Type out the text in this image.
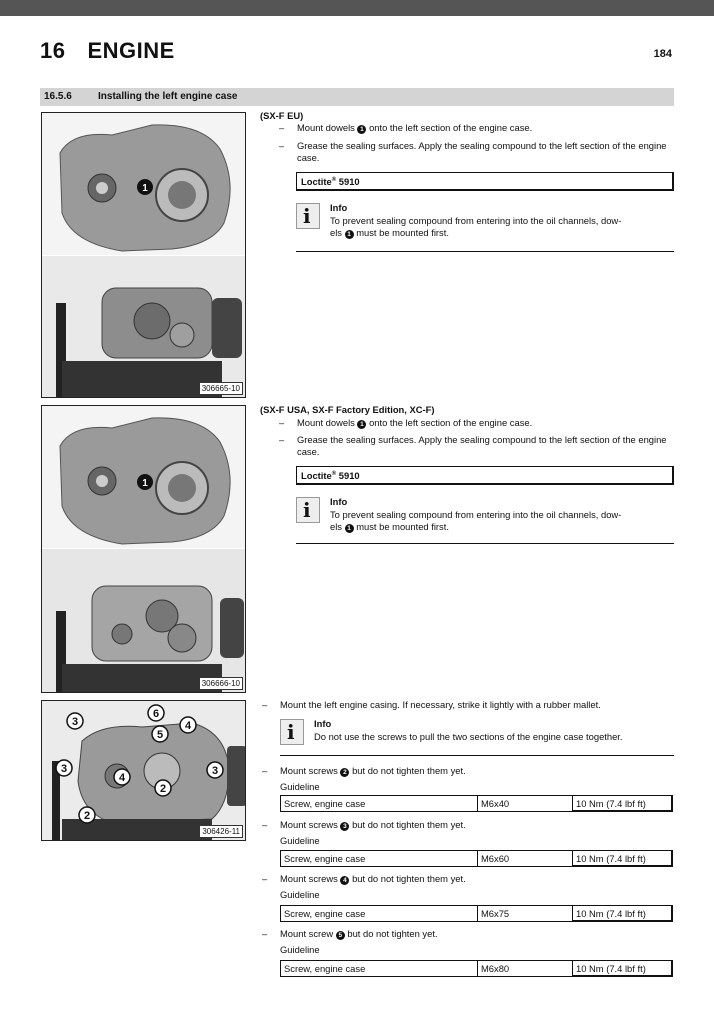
16 ENGINE	184
16.5.6	Installing the left engine case
1
306665-10
(SX-F EU)
– Mount dowels 1 onto the left section of the engine case.
– Grease the sealing surfaces. Apply the sealing compound to the left section of the engine case.
Loctite® 5910
i Info
To prevent sealing compound from entering into the oil channels, dow-
els 1 must be mounted first.
1
306666-10
(SX-F USA, SX-F Factory Edition, XC-F)
– Mount dowels 1 onto the left section of the engine case.
– Grease the sealing surfaces. Apply the sealing compound to the left section of the engine case.
Loctite® 5910
i Info
To prevent sealing compound from entering into the oil channels, dow-
els 1 must be mounted first.
6
3
5
4
3
4
2
3
2
306426-11
– Mount the left engine casing. If necessary, strike it lightly with a rubber mallet.
i Info
Do not use the screws to pull the two sections of the engine case together.
– Mount screws 2 but do not tighten them yet.
Guideline
Screw, engine case	M6x40	10 Nm (7.4 lbf ft)
– Mount screws 3 but do not tighten them yet.
Guideline
Screw, engine case	M6x60	10 Nm (7.4 lbf ft)
– Mount screws 4 but do not tighten them yet.
Guideline
Screw, engine case	M6x75	10 Nm (7.4 lbf ft)
– Mount screw 5 but do not tighten yet.
Guideline
Screw, engine case	M6x80	10 Nm (7.4 lbf ft)
